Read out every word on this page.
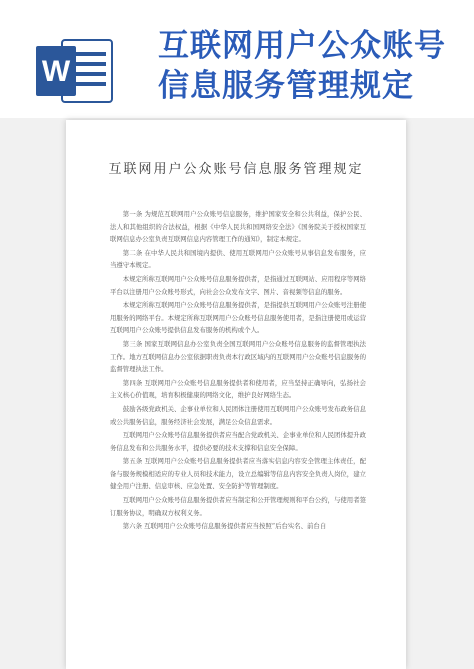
W
互联网用户公众账号信息服务管理规定
互联网用户公众账号信息服务管理规定

第一条 为规范互联网用户公众账号信息服务，维护国家安全和公共利益，保护公民、法人和其他组织的合法权益，根据《中华人民共和国网络安全法》《国务院关于授权国家互联网信息办公室负责互联网信息内容管理工作的通知》，制定本规定。

第二条 在中华人民共和国境内提供、使用互联网用户公众账号从事信息发布服务，应当遵守本规定。

本规定所称互联网用户公众账号信息服务提供者，是指通过互联网站、应用程序等网络平台以注册用户公众账号形式，向社会公众发布文字、图片、音视频等信息的服务。

本规定所称互联网用户公众账号信息服务提供者，是指提供互联网用户公众账号注册使用服务的网络平台。本规定所称互联网用户公众账号信息服务使用者，是指注册使用或运营互联网用户公众账号提供信息发布服务的机构或个人。

第三条 国家互联网信息办公室负责全国互联网用户公众账号信息服务的监督管理执法工作。地方互联网信息办公室依据职责负责本行政区域内的互联网用户公众账号信息服务的监督管理执法工作。

第四条 互联网用户公众账号信息服务提供者和使用者，应当坚持正确导向，弘扬社会主义核心价值观，培育积极健康的网络文化，维护良好网络生态。

鼓励各级党政机关、企事业单位和人民团体注册使用互联网用户公众账号发布政务信息或公共服务信息，服务经济社会发展，满足公众信息需求。

互联网用户公众账号信息服务提供者应当配合党政机关、企事业单位和人民团体提升政务信息发布和公共服务水平，提供必要的技术支撑和信息安全保障。

第五条 互联网用户公众账号信息服务提供者应当落实信息内容安全管理主体责任，配备与服务规模相适应的专业人员和技术能力，设立总编辑等信息内容安全负责人岗位，建立健全用户注册、信息审核、应急处置、安全防护等管理制度。

互联网用户公众账号信息服务提供者应当制定和公开管理规则和平台公约，与使用者签订服务协议，明确双方权利义务。

第六条 互联网用户公众账号信息服务提供者应当按照“后台实名、前台自
